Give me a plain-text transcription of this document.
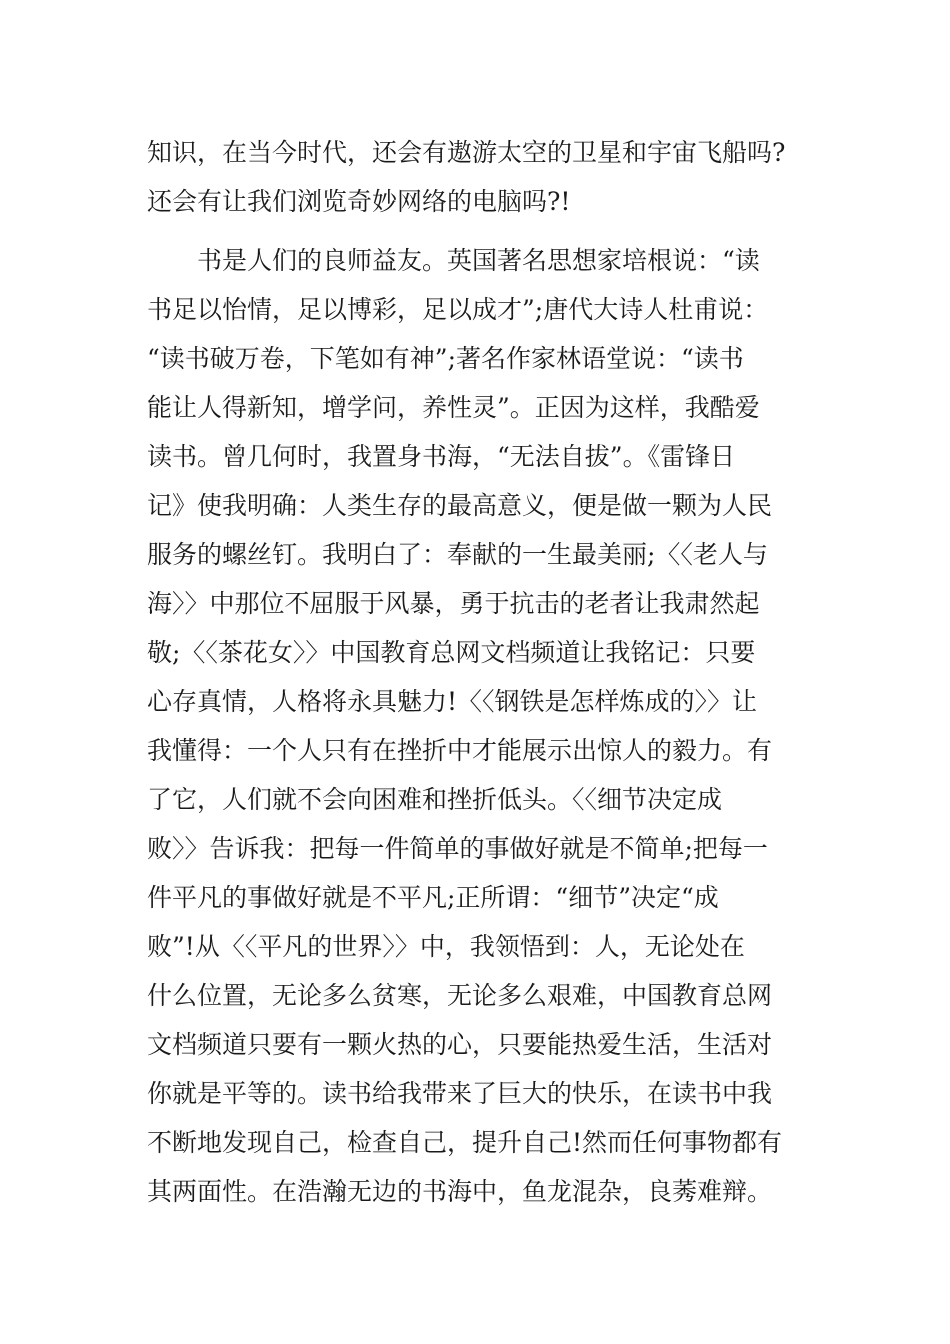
知识，在当今时代，还会有遨游太空的卫星和宇宙飞船吗?
还会有让我们浏览奇妙网络的电脑吗?!
　　书是人们的良师益友。英国著名思想家培根说：“读
书足以怡情，足以博彩，足以成才”;唐代大诗人杜甫说：
“读书破万卷，下笔如有神”;著名作家林语堂说：“读书
能让人得新知，增学问，养性灵”。正因为这样，我酷爱
读书。曾几何时，我置身书海，“无法自拔”。《雷锋日
记》使我明确：人类生存的最高意义，便是做一颗为人民
服务的螺丝钉。我明白了：奉献的一生最美丽;〈〈老人与
海〉〉中那位不屈服于风暴，勇于抗击的老者让我肃然起
敬;〈〈茶花女〉〉中国教育总网文档频道让我铭记：只要
心存真情，人格将永具魅力!〈〈钢铁是怎样炼成的〉〉让
我懂得：一个人只有在挫折中才能展示出惊人的毅力。有
了它，人们就不会向困难和挫折低头。〈〈细节决定成
败〉〉告诉我：把每一件简单的事做好就是不简单;把每一
件平凡的事做好就是不平凡;正所谓：“细节”决定“成
败”!从〈〈平凡的世界〉〉中，我领悟到：人，无论处在
什么位置，无论多么贫寒，无论多么艰难，中国教育总网
文档频道只要有一颗火热的心，只要能热爱生活，生活对
你就是平等的。读书给我带来了巨大的快乐，在读书中我
不断地发现自己，检查自己，提升自己!然而任何事物都有
其两面性。在浩瀚无边的书海中，鱼龙混杂，良莠难辩。
